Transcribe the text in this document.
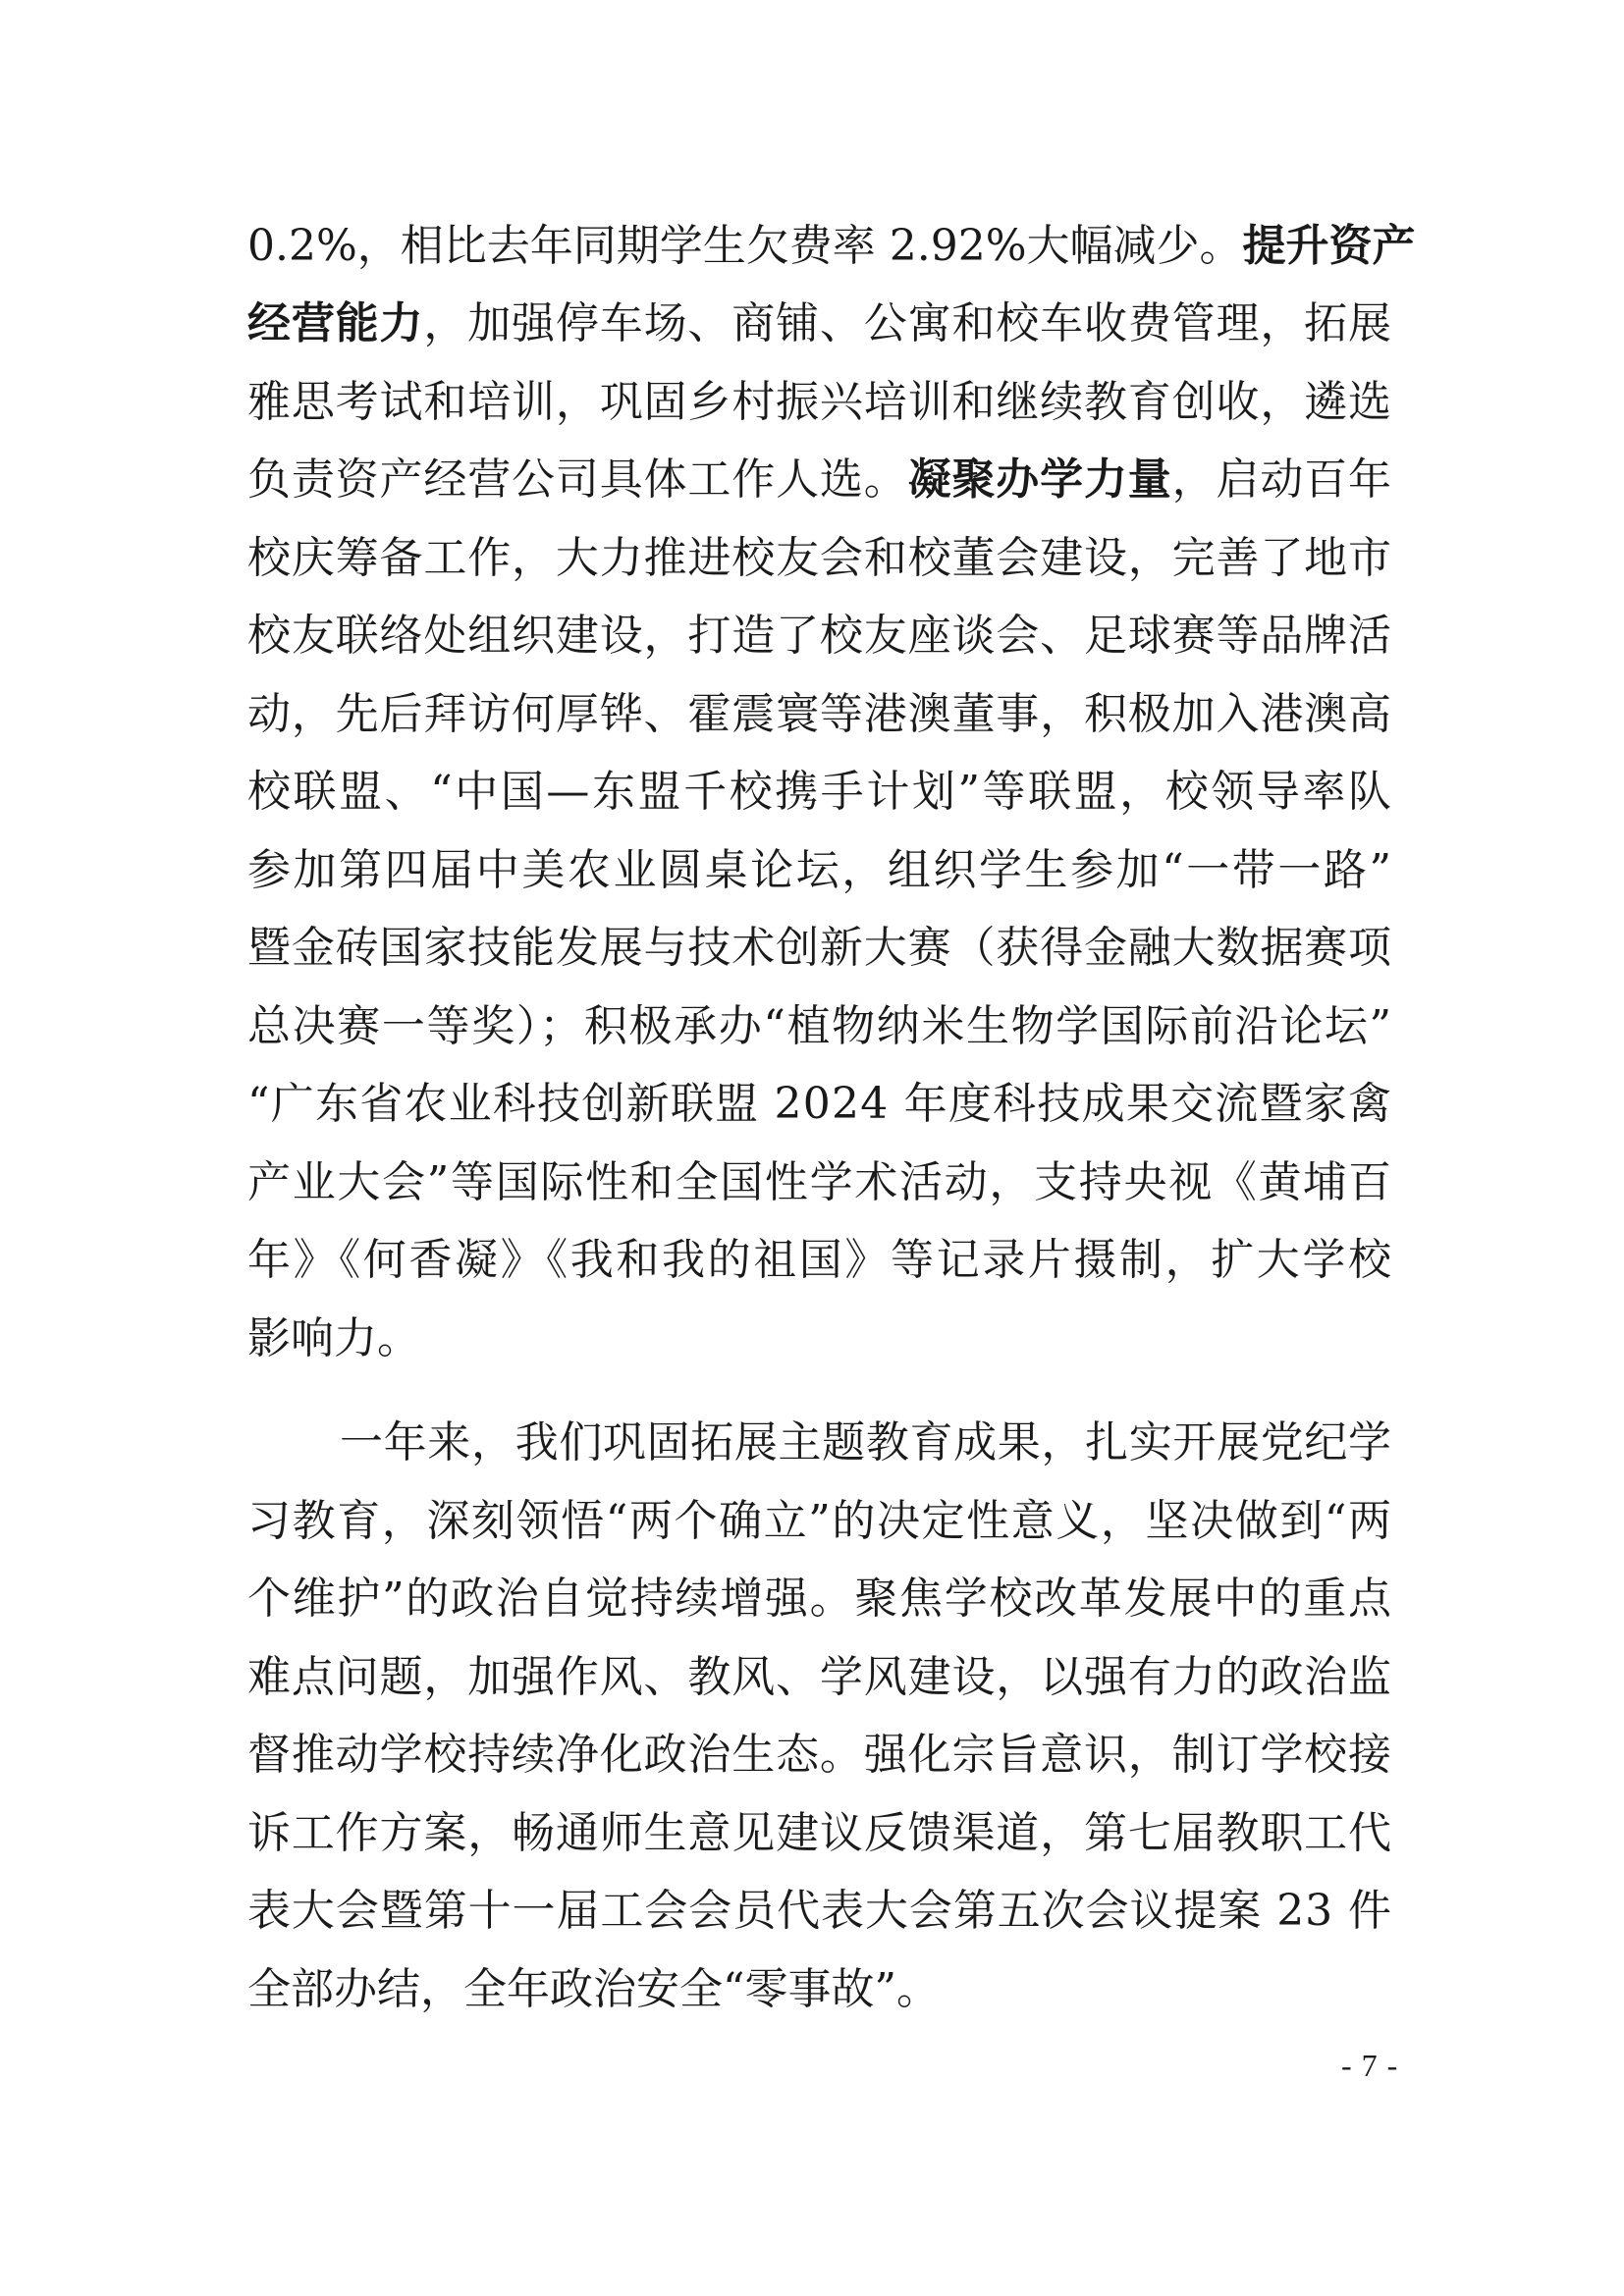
0.2%，相比去年同期学生欠费率 2.92%大幅减少。 提升资产
经营能力 ，加强停车场、商铺、公寓和校车收费管理，拓展
雅思考试和培训，巩固乡村振兴培训和继续教育创收，遴选
负责资产经营公司具体工作人选。 凝聚办学力量 ，启动百年
校庆筹备工作，大力推进校友会和校董会建设，完善了地市
校友联络处组织建设，打造了校友座谈会、足球赛等品牌活
动，先后拜访何厚铧、霍震寰等港澳董事，积极加入港澳高
校联盟、“中国—东盟千校携手计划”等联盟，校领导率队
参加第四届中美农业圆桌论坛，组织学生参加“一带一路”
暨金砖国家技能发展与技术创新大赛（获得金融大数据赛项
总决赛一等奖）；积极承办“植物纳米生物学国际前沿论坛”
“广东省农业科技创新联盟 2024 年度科技成果交流暨家禽
产业大会”等国际性和全国性学术活动，支持央视《黄埔百
年》《何香凝》《我和我的祖国》等记录片摄制，扩大学校
影响力。
一年来，我们巩固拓展主题教育成果，扎实开展党纪学
习教育，深刻领悟“两个确立”的决定性意义，坚决做到“两
个维护”的政治自觉持续增强。聚焦学校改革发展中的重点
难点问题，加强作风、教风、学风建设，以强有力的政治监
督推动学校持续净化政治生态。强化宗旨意识，制订学校接
诉工作方案，畅通师生意见建议反馈渠道，第七届教职工代
表大会暨第十一届工会会员代表大会第五次会议提案 23 件
全部办结，全年政治安全“零事故”。
- 7 -
